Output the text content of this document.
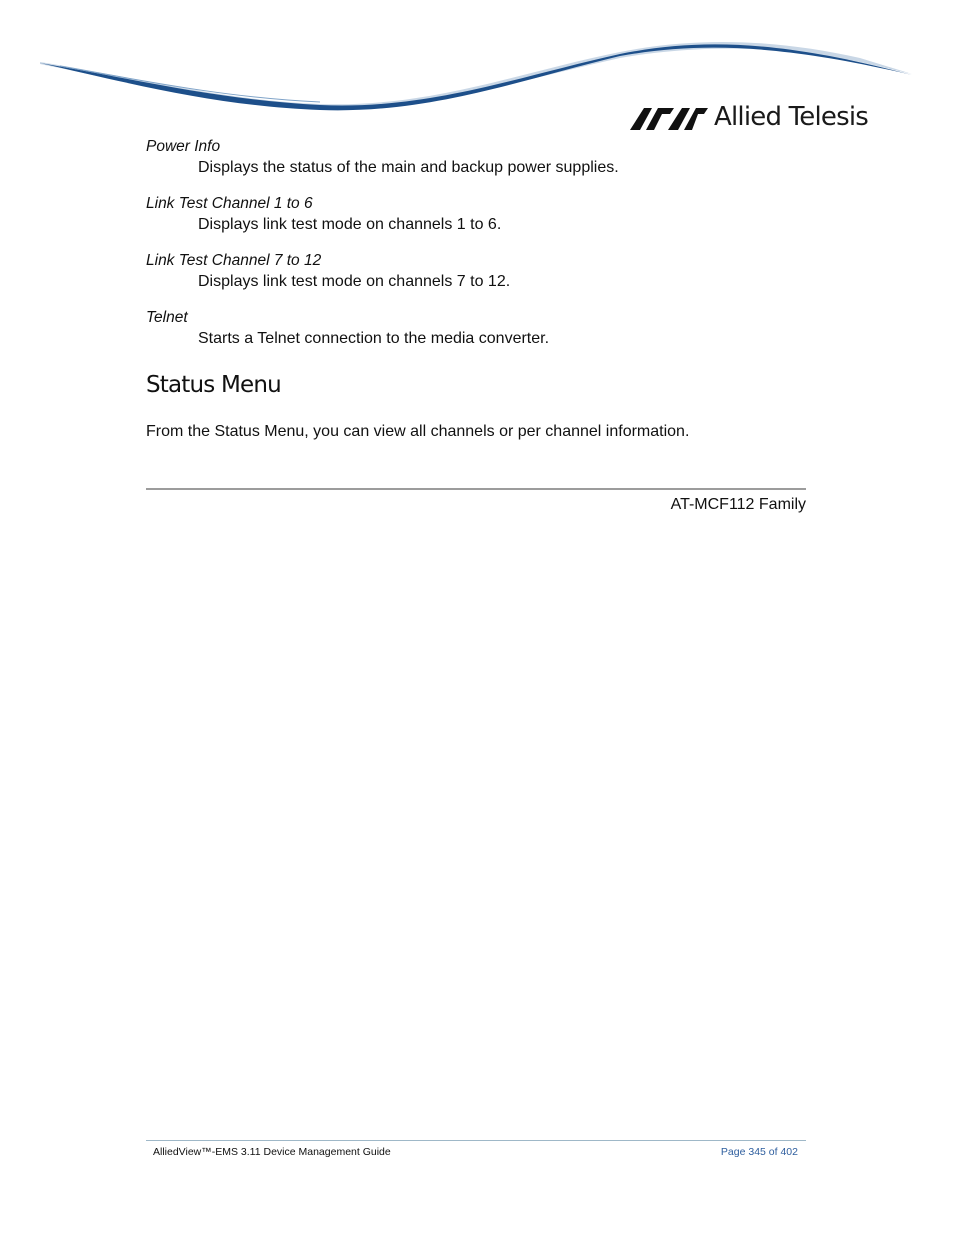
Allied Telesis

Power Info

Displays the status of the main and backup power supplies.

Link Test Channel 1 to 6

Displays link test mode on channels 1 to 6.

Link Test Channel 7 to 12

Displays link test mode on channels 7 to 12.

Telnet

Starts a Telnet connection to the media converter.

Status Menu

From the Status Menu, you can view all channels or per channel information.

AT-MCF112 Family
AlliedView™-EMS 3.11 Device Management Guide	Page 345 of 402
